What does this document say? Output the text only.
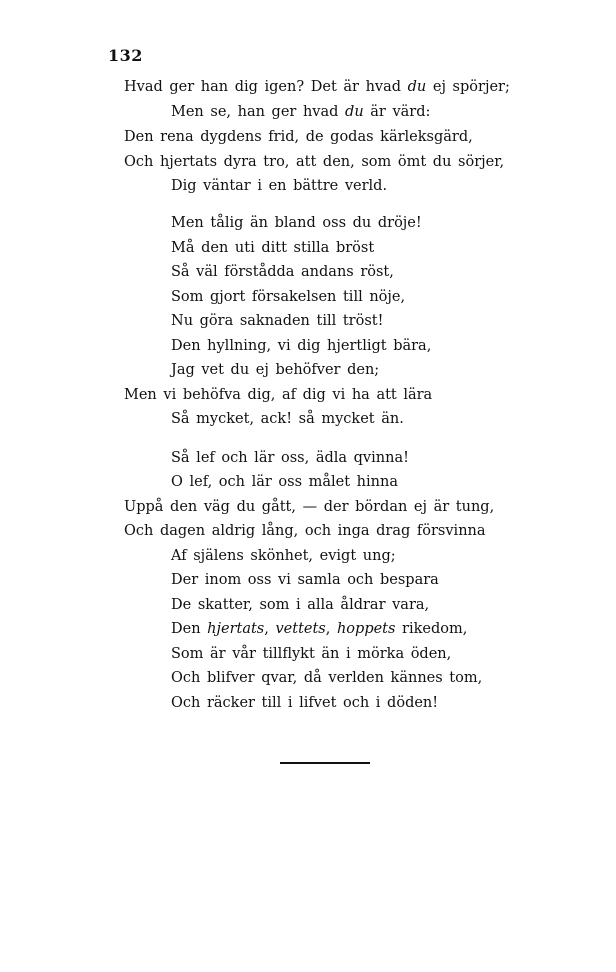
132
Hvad ger han dig igen? Det är hvad du ej spörjer;
Men se, han ger hvad du är värd:
Den rena dygdens frid, de godas kärleksgärd,
Och hjertats dyra tro, att den, som ömt du sörjer,
Dig väntar i en bättre verld.
Men tålig än bland oss du dröje!
Må den uti ditt stilla bröst
Så väl förstådda andans röst,
Som gjort försakelsen till nöje,
Nu göra saknaden till tröst!
Den hyllning, vi dig hjertligt bära,
Jag vet du ej behöfver den;
Men vi behöfva dig, af dig vi ha att lära
Så mycket, ack! så mycket än.
Så lef och lär oss, ädla qvinna!
O lef, och lär oss målet hinna
Uppå den väg du gått, — der bördan ej är tung,
Och dagen aldrig lång, och inga drag försvinna
Af själens skönhet, evigt ung;
Der inom oss vi samla och bespara
De skatter, som i alla åldrar vara,
Den hjertats, vettets, hoppets rikedom,
Som är vår tillflykt än i mörka öden,
Och blifver qvar, då verlden kännes tom,
Och räcker till i lifvet och i döden!
